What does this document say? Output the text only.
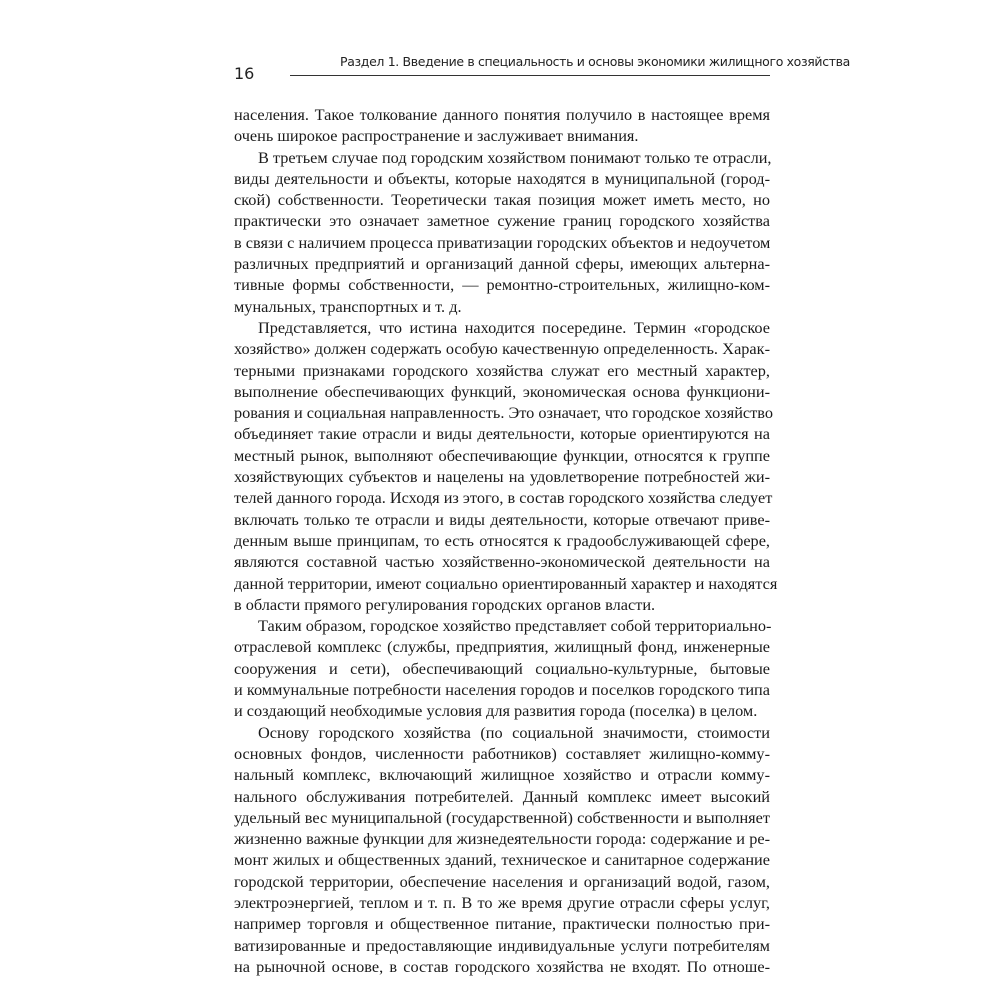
Раздел 1. Введение в специальность и основы экономики жилищного хозяйства
16
населения. Такое толкование данного понятия получило в настоящее время
очень широкое распространение и заслуживает внимания.
В третьем случае под городским хозяйством понимают только те отрасли,
виды деятельности и объекты, которые находятся в муниципальной (город-
ской) собственности. Теоретически такая позиция может иметь место, но
практически это означает заметное сужение границ городского хозяйства
в связи с наличием процесса приватизации городских объектов и недоучетом
различных предприятий и организаций данной сферы, имеющих альтерна-
тивные формы собственности, — ремонтно-строительных, жилищно-ком-
мунальных, транспортных и т. д.
Представляется, что истина находится посередине. Термин «городское
хозяйство» должен содержать особую качественную определенность. Харак-
терными признаками городского хозяйства служат его местный характер,
выполнение обеспечивающих функций, экономическая основа функциони-
рования и социальная направленность. Это означает, что городское хозяйство
объединяет такие отрасли и виды деятельности, которые ориентируются на
местный рынок, выполняют обеспечивающие функции, относятся к группе
хозяйствующих субъектов и нацелены на удовлетворение потребностей жи-
телей данного города. Исходя из этого, в состав городского хозяйства следует
включать только те отрасли и виды деятельности, которые отвечают приве-
денным выше принципам, то есть относятся к градообслуживающей сфере,
являются составной частью хозяйственно-экономической деятельности на
данной территории, имеют социально ориентированный характер и находятся
в области прямого регулирования городских органов власти.
Таким образом, городское хозяйство представляет собой территориально-
отраслевой комплекс (службы, предприятия, жилищный фонд, инженерные
сооружения и сети), обеспечивающий социально-культурные, бытовые
и коммунальные потребности населения городов и поселков городского типа
и создающий необходимые условия для развития города (поселка) в целом.
Основу городского хозяйства (по социальной значимости, стоимости
основных фондов, численности работников) составляет жилищно-комму-
нальный комплекс, включающий жилищное хозяйство и отрасли комму-
нального обслуживания потребителей. Данный комплекс имеет высокий
удельный вес муниципальной (государственной) собственности и выполняет
жизненно важные функции для жизнедеятельности города: содержание и ре-
монт жилых и общественных зданий, техническое и санитарное содержание
городской территории, обеспечение населения и организаций водой, газом,
электроэнергией, теплом и т. п. В то же время другие отрасли сферы услуг,
например торговля и общественное питание, практически полностью при-
ватизированные и предоставляющие индивидуальные услуги потребителям
на рыночной основе, в состав городского хозяйства не входят. По отноше-
